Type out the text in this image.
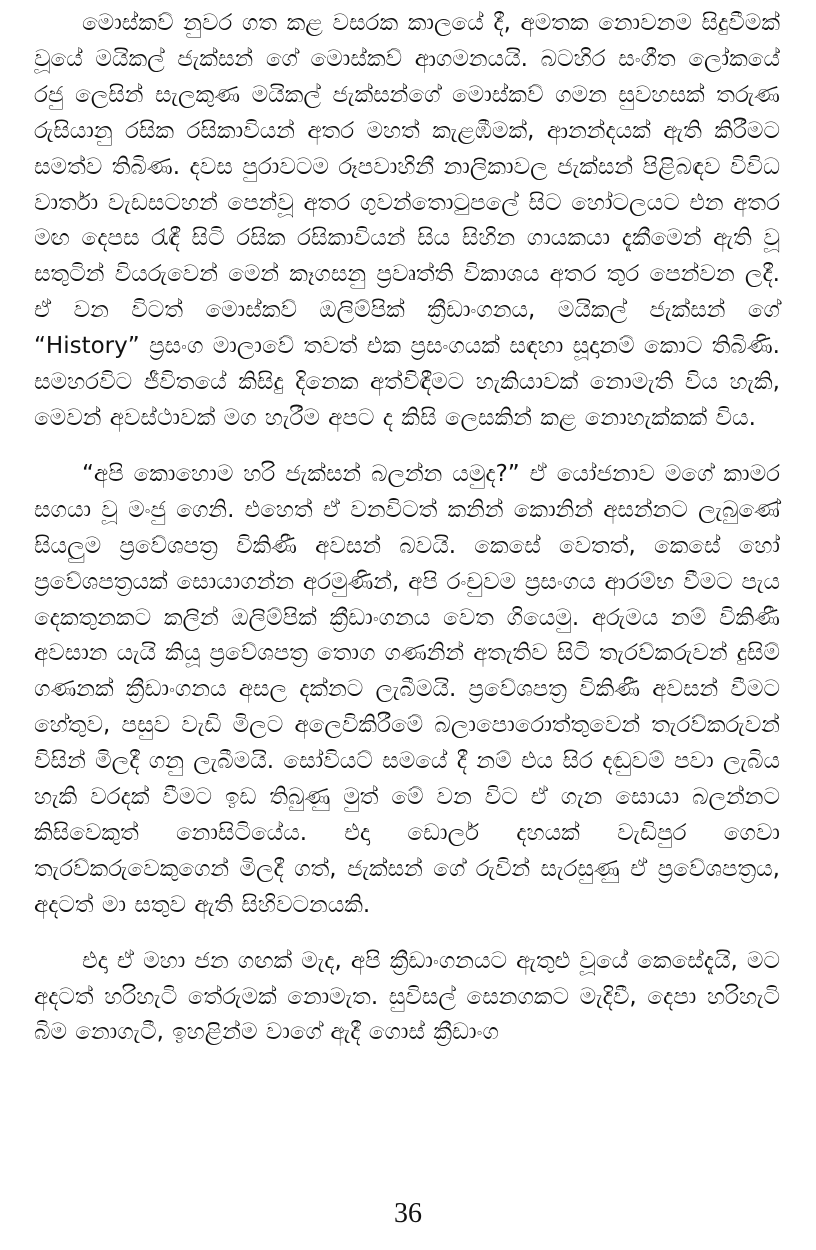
මොස්කව් නුවර ගත කළ වසරක කාලයේ දී, අමතක නොවනම සිදුවීමක් වූයේ මයිකල් ජැක්සන් ගේ මොස්කව් ආගමනයයි. බටහිර සංගීත ලෝකයේ රජු ලෙසින් සැලකුණ මයිකල් ජැක්සන්ගේ මොස්කව් ගමන සුවහසක් තරුණ රුසියානු රසික රසිකාවියන් අතර මහත් කැළඹීමක්, ආනන්දයක් ඇති කිරීමට සමත්ව තිබිණ. දවස පුරාවටම රූපවාහිනී නාලිකාවල ජැක්සන් පිළිබඳව විවිධ වාර්තා වැඩසටහන් පෙන්වූ අතර ගුවන්තොටුපලේ සිට හෝටලයට එන අතර මඟ දෙපස රැඳී සිටි රසික රසිකාවියන් සිය සිහින ගායකයා දැකීමෙන් ඇති වූ සතුටින් වියරුවෙන් මෙන් කෑගසනු ප්‍රවෘත්ති විකාශය අතර තුර පෙන්වන ලදී. ඒ වන විටත් මොස්කව් ඔලිම්පික් ක්‍රීඩාංගනය, මයිකල් ජැක්සන් ගේ “History” ප්‍රසංග මාලාවේ තවත් එක ප්‍රසංගයක් සඳහා සූදානම් කොට තිබිණි. සමහරවිට ජීවිතයේ කිසිදු දිනෙක අත්විඳීමට හැකියාවක් නොමැති විය හැකි, මෙවන් අවස්ථාවක් මග හැරීම අපට ද කිසි ලෙසකින් කළ නොහැක්කක් විය.

“අපි කොහොම හරි ජැක්සන් බලන්න යමුද?” ඒ යෝජනාව මගේ කාමර සගයා වූ මංජු ගෙනි. එහෙත් ඒ වනවිටත් කනින් කොනින් අසන්නට ලැබුණේ සියලුම ප්‍රවේශපත්‍ර විකිණී අවසන් බවයි. කෙසේ වෙතත්, කෙසේ හෝ ප්‍රවේශපත්‍රයක් සොයාගන්න අරමුණින්, අපි රංචුවම ප්‍රසංගය ආරම්භ වීමට පැය දෙකතුනකට කලින් ඔලිම්පික් ක්‍රීඩාංගනය වෙත ගියෙමු. අරුමය නම් විකිණී අවසාන යැයි කියූ ප්‍රවේශපත්‍ර තොග ගණනින් අතැතිව සිටි තැරව්කරුවන් දුසිම් ගණනක් ක්‍රීඩාංගනය අසල දක්නට ලැබීමයි. ප්‍රවේශපත්‍ර විකිණී අවසන් වීමට හේතුව, පසුව වැඩි මිලට අලෙවිකිරීමේ බලාපොරොත්තුවෙන් තැරව්කරුවන් විසින් මිලදී ගනු ලැබීමයි. සෝවියට් සමයේ දී නම් එය සිර දඬුවම් පවා ලැබිය හැකි වරදක් වීමට ඉඩ තිබුණු මුත් මේ වන විට ඒ ගැන සොයා බලන්නට කිසිවෙකුත් නොසිටියේය. එදා ඩොලර් දහයක් වැඩිපුර ගෙවා තැරව්කරුවෙකුගෙන් මිලදී ගත්, ජැක්සන් ගේ රුවින් සැරසුණු ඒ ප්‍රවේශපත්‍රය, අදටත් මා සතුව ඇති සිහිවටනයකි.

එදා ඒ මහා ජන ගඟක් මැද, අපි ක්‍රීඩාංගනයට ඇතුළු වූයේ කෙසේදැයි, මට අදටත් හරිහැටි තේරුමක් නොමැත. සුවිසල් සෙනගකට මැදිවී, දෙපා හරිහැටි බිම නොගැටී, ඉහළින්ම වාගේ ඇදී ගොස් ක්‍රීඩාංග

36
